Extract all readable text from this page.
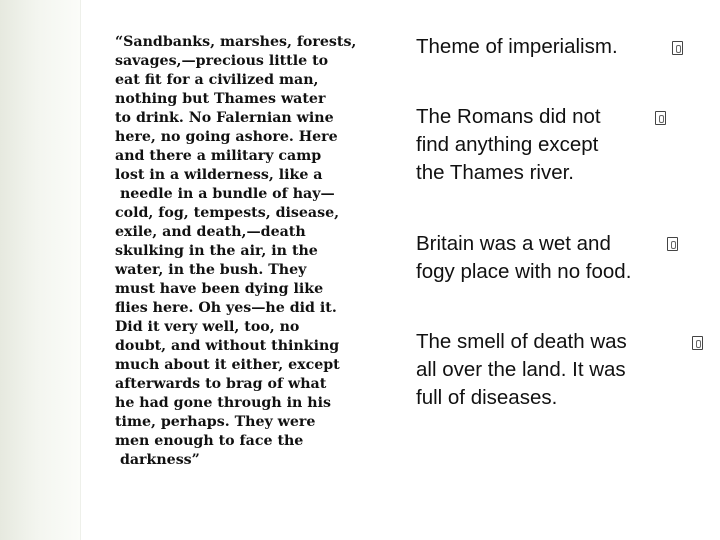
“Sandbanks, marshes, forests,
savages,—precious little to
eat fit for a civilized man,
nothing but Thames water
to drink. No Falernian wine
here, no going ashore. Here
and there a military camp
lost in a wilderness, like a
needle in a bundle of hay—
cold, fog, tempests, disease,
exile, and death,—death
skulking in the air, in the
water, in the bush. They
must have been dying like
flies here. Oh yes—he did it.
Did it very well, too, no
doubt, and without thinking
much about it either, except
afterwards to brag of what
he had gone through in his
time, perhaps. They were
men enough to face the
darkness”
Theme of imperialism.
The Romans did not
find anything except
the Thames river.
Britain was a wet and
fogy place with no food.
The smell of death was
all over the land. It was
full of diseases.
